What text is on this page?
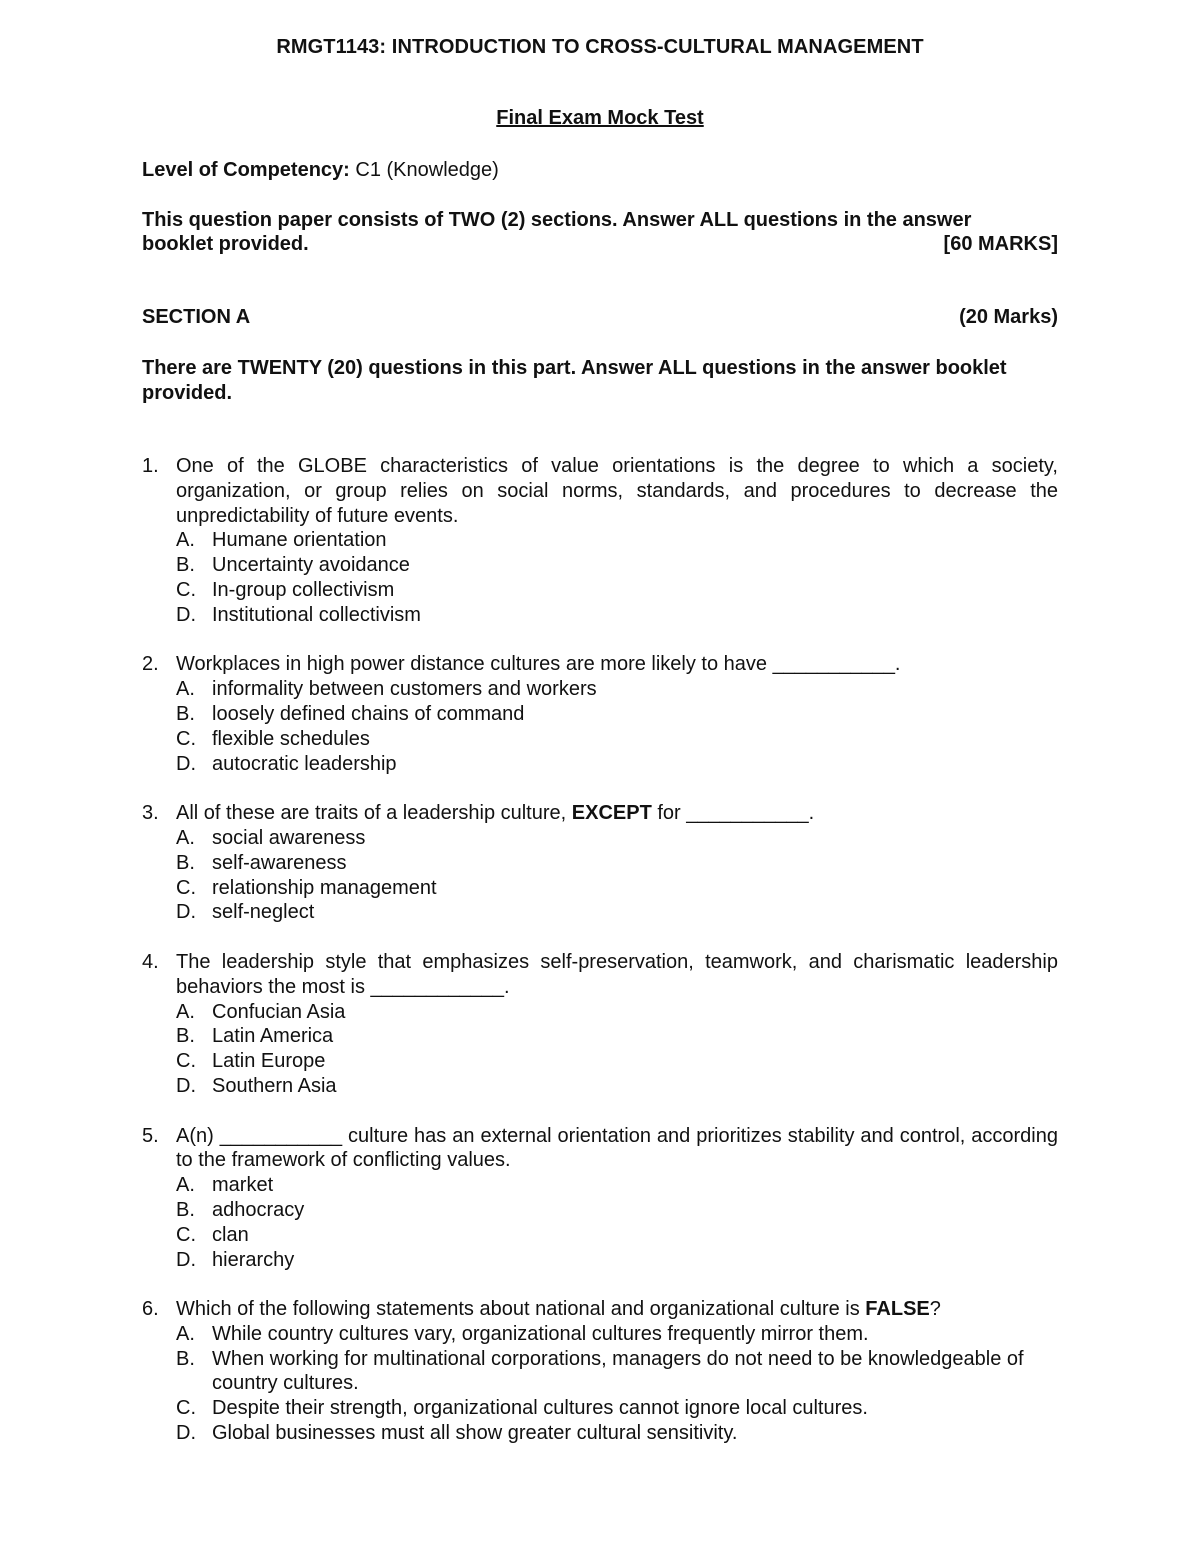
RMGT1143: INTRODUCTION TO CROSS-CULTURAL MANAGEMENT
Final Exam Mock Test
Level of Competency: C1 (Knowledge)
This question paper consists of TWO (2) sections. Answer ALL questions in the answer
booklet provided.	[60 MARKS]
SECTION A	(20 Marks)
There are TWENTY (20) questions in this part. Answer ALL questions in the answer booklet provided.
1. One of the GLOBE characteristics of value orientations is the degree to which a society, organization, or group relies on social norms, standards, and procedures to decrease the unpredictability of future events.
A. Humane orientation
B. Uncertainty avoidance
C. In-group collectivism
D. Institutional collectivism
2. Workplaces in high power distance cultures are more likely to have ___________.
A. informality between customers and workers
B. loosely defined chains of command
C. flexible schedules
D. autocratic leadership
3. All of these are traits of a leadership culture, EXCEPT for ___________.
A. social awareness
B. self-awareness
C. relationship management
D. self-neglect
4. The leadership style that emphasizes self-preservation, teamwork, and charismatic leadership behaviors the most is ____________.
A. Confucian Asia
B. Latin America
C. Latin Europe
D. Southern Asia
5. A(n) ___________ culture has an external orientation and prioritizes stability and control, according to the framework of conflicting values.
A. market
B. adhocracy
C. clan
D. hierarchy
6. Which of the following statements about national and organizational culture is FALSE?
A. While country cultures vary, organizational cultures frequently mirror them.
B. When working for multinational corporations, managers do not need to be knowledgeable of country cultures.
C. Despite their strength, organizational cultures cannot ignore local cultures.
D. Global businesses must all show greater cultural sensitivity.
